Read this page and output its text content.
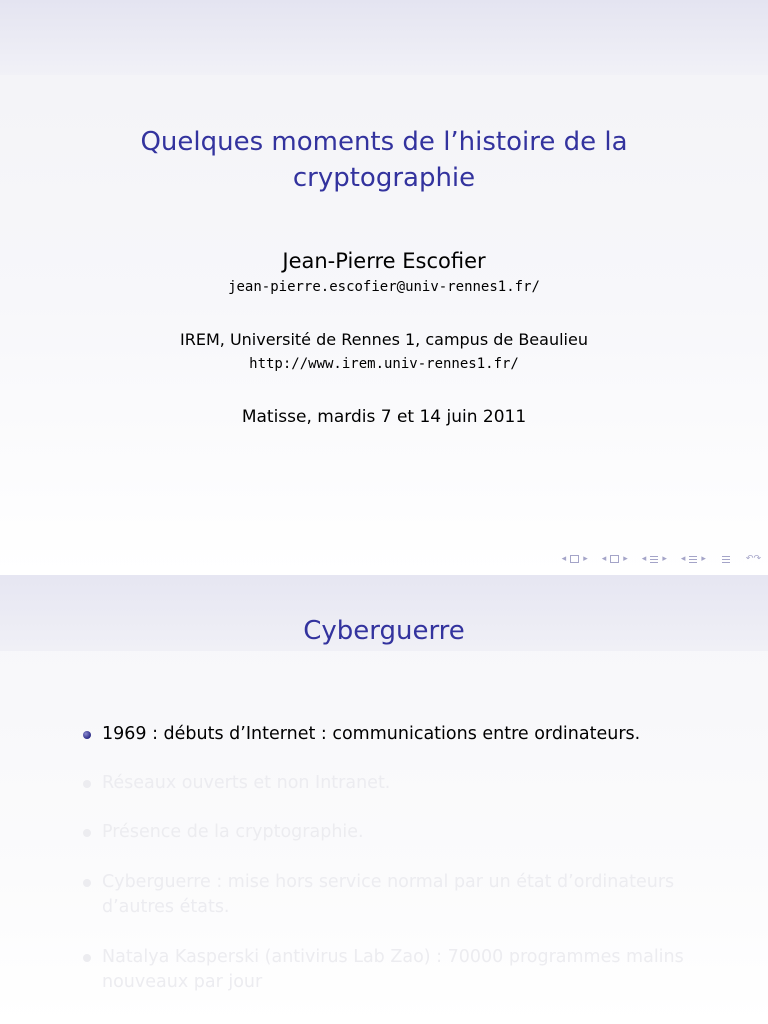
Quelques moments de l’histoire de la
cryptographie
Jean-Pierre Escofier
jean-pierre.escofier@univ-rennes1.fr/
IREM, Université de Rennes 1, campus de Beaulieu
http://www.irem.univ-rennes1.fr/
Matisse, mardis 7 et 14 juin 2011
◂ ▸ ◂ ▸ ◂ ▸ ◂ ▸	↶↷
Cyberguerre
1969 : débuts d’Internet : communications entre ordinateurs.
Réseaux ouverts et non Intranet.
Présence de la cryptographie.
Cyberguerre : mise hors service normal par un état d’ordinateurs
d’autres états.
Natalya Kasperski (antivirus Lab Zao) : 70000 programmes malins
nouveaux par jour
